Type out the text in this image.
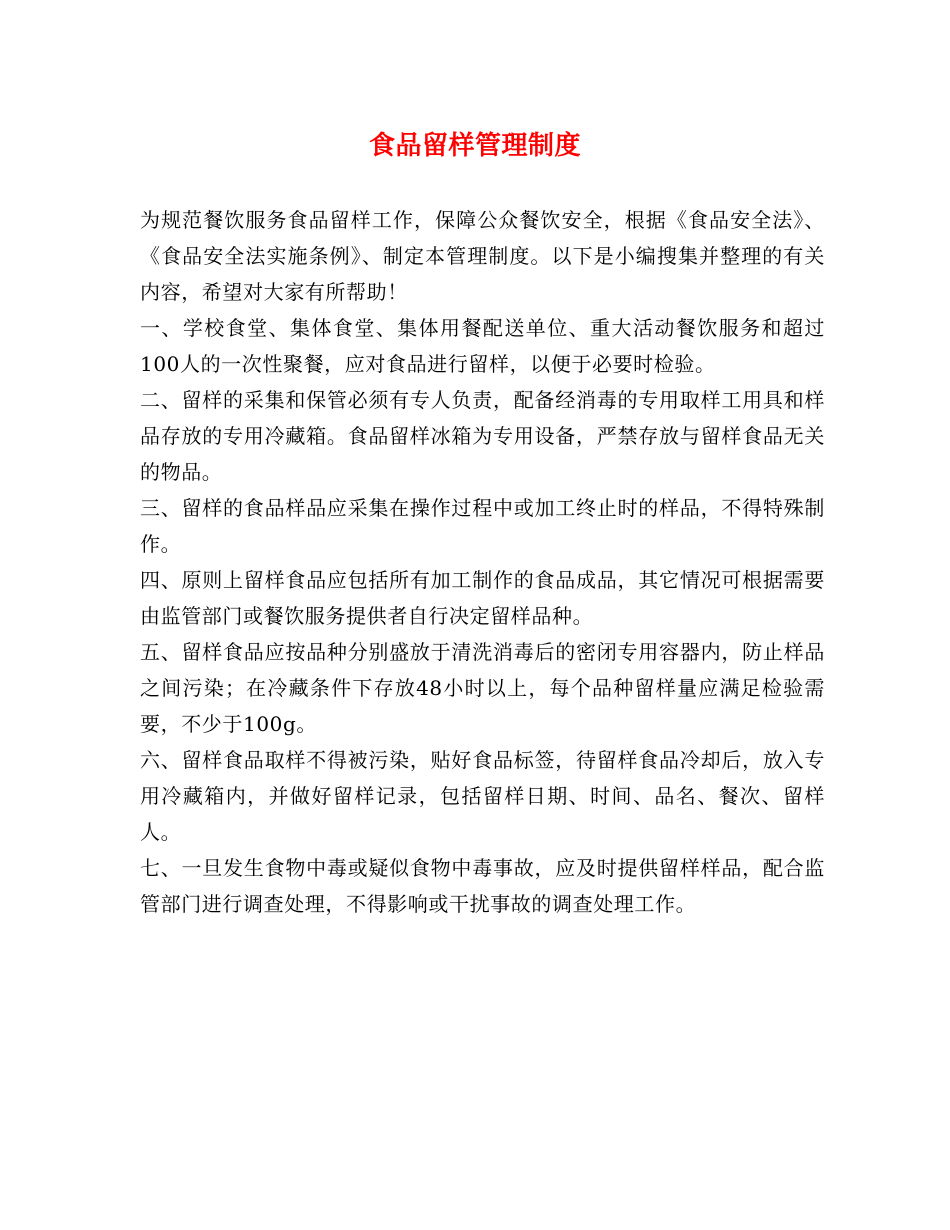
食品留样管理制度

为规范餐饮服务食品留样工作，保障公众餐饮安全，根据《食品安全法》、《食品安全法实施条例》、制定本管理制度。以下是小编搜集并整理的有关内容，希望对大家有所帮助！

一、学校食堂、集体食堂、集体用餐配送单位、重大活动餐饮服务和超过100人的一次性聚餐，应对食品进行留样，以便于必要时检验。

二、留样的采集和保管必须有专人负责，配备经消毒的专用取样工用具和样品存放的专用冷藏箱。食品留样冰箱为专用设备，严禁存放与留样食品无关的物品。

三、留样的食品样品应采集在操作过程中或加工终止时的样品，不得特殊制作。

四、原则上留样食品应包括所有加工制作的食品成品，其它情况可根据需要由监管部门或餐饮服务提供者自行决定留样品种。

五、留样食品应按品种分别盛放于清洗消毒后的密闭专用容器内，防止样品之间污染；在冷藏条件下存放48小时以上，每个品种留样量应满足检验需要，不少于100g。

六、留样食品取样不得被污染，贴好食品标签，待留样食品冷却后，放入专用冷藏箱内，并做好留样记录，包括留样日期、时间、品名、餐次、留样人。

七、一旦发生食物中毒或疑似食物中毒事故，应及时提供留样样品，配合监管部门进行调查处理，不得影响或干扰事故的调查处理工作。
